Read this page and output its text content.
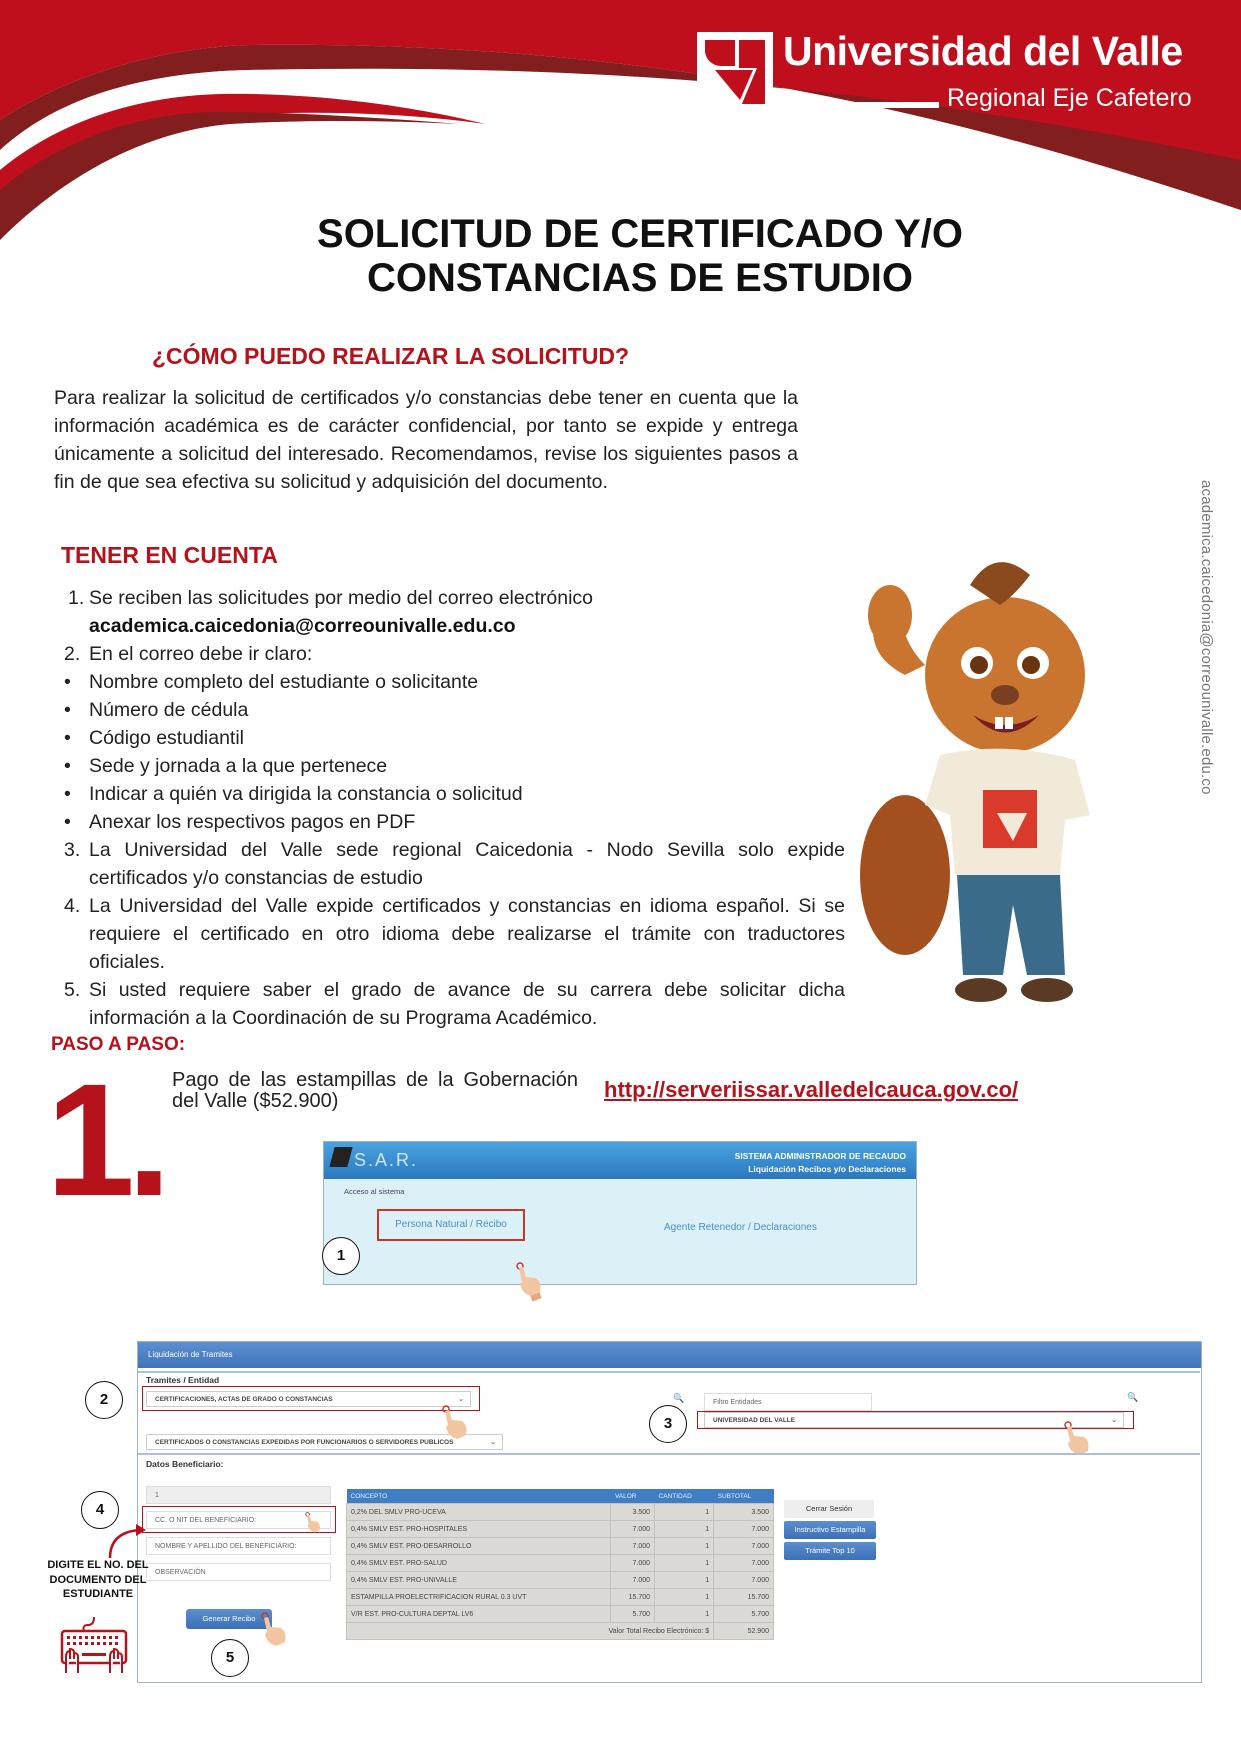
Universidad del Valle
Regional Eje Cafetero
SOLICITUD DE CERTIFICADO Y/O
CONSTANCIAS DE ESTUDIO
¿CÓMO PUEDO REALIZAR LA SOLICITUD?
Para realizar la solicitud de certificados y/o constancias debe tener en cuenta que la información académica es de carácter confidencial, por tanto se expide y entrega únicamente a solicitud del interesado. Recomendamos, revise los siguientes pasos a fin de que sea efectiva su solicitud y adquisición del documento.
TENER EN CUENTA
1. Se reciben las solicitudes por medio del correo electrónico
academica.caicedonia@correounivalle.edu.co
2. En el correo debe ir claro:
• Nombre completo del estudiante o solicitante
• Número de cédula
• Código estudiantil
• Sede y jornada a la que pertenece
• Indicar a quién va dirigida la constancia o solicitud
• Anexar los respectivos pagos en PDF
3. La Universidad del Valle sede regional Caicedonia - Nodo Sevilla solo expide certificados y/o constancias de estudio
4. La Universidad del Valle expide certificados y constancias en idioma español. Si se requiere el certificado en otro idioma debe realizarse el trámite con traductores oficiales.
5. Si usted requiere saber el grado de avance de su carrera debe solicitar dicha información a la Coordinación de su Programa Académico.
academica.caicedonia@correounivalle.edu.co
PASO A PASO:
1. Pago de las estampillas de la Gobernación del Valle ($52.900)	http://serveriissar.valledelcauca.gov.co/
S.A.R.	SISTEMA ADMINISTRADOR DE RECAUDO
Liquidación Recibos y/o Declaraciones
Acceso al sistema
Persona Natural / Recibo	Agente Retenedor / Declaraciones
1
Liquidación de Tramites
Tramites / Entidad
CERTIFICACIONES, ACTAS DE GRADO O CONSTANCIAS	⌄
CERTIFICADOS O CONSTANCIAS EXPEDIDAS POR FUNCIONARIOS O SERVIDORES PUBLICOS	⌄
2	🔍	🔍
Filtro Entidades
UNIVERSIDAD DEL VALLE	⌄
3
Datos Beneficiario:
1
CC. O NIT DEL BENEFICIARIO:
NOMBRE Y APELLIDO DEL BENEFICIARIO:
OBSERVACIÓN
4
Generar Recibo
5
CONCEPTO	VALOR	CANTIDAD	SUBTOTAL
0,2% DEL SMLV PRO-UCEVA	3.500	1	3.500
0,4% SMLV EST. PRO-HOSPITALES	7.000	1	7.000
0,4% SMLV EST. PRO-DESARROLLO	7.000	1	7.000
0,4% SMLV EST. PRO-SALUD	7.000	1	7.000
0,4% SMLV EST. PRO-UNIVALLE	7.000	1	7.000
ESTAMPILLA PROELECTRIFICACION RURAL 0.3 UVT	15.700	1	15.700
V/R EST. PRO-CULTURA DEPTAL LV6	5.700	1	5.700
Valor Total Recibo Electrónico: $			52.900
Cerrar Sesión
Instructivo Estampilla
Trámite Top 10
DIGITE EL NO. DEL DOCUMENTO DEL ESTUDIANTE
